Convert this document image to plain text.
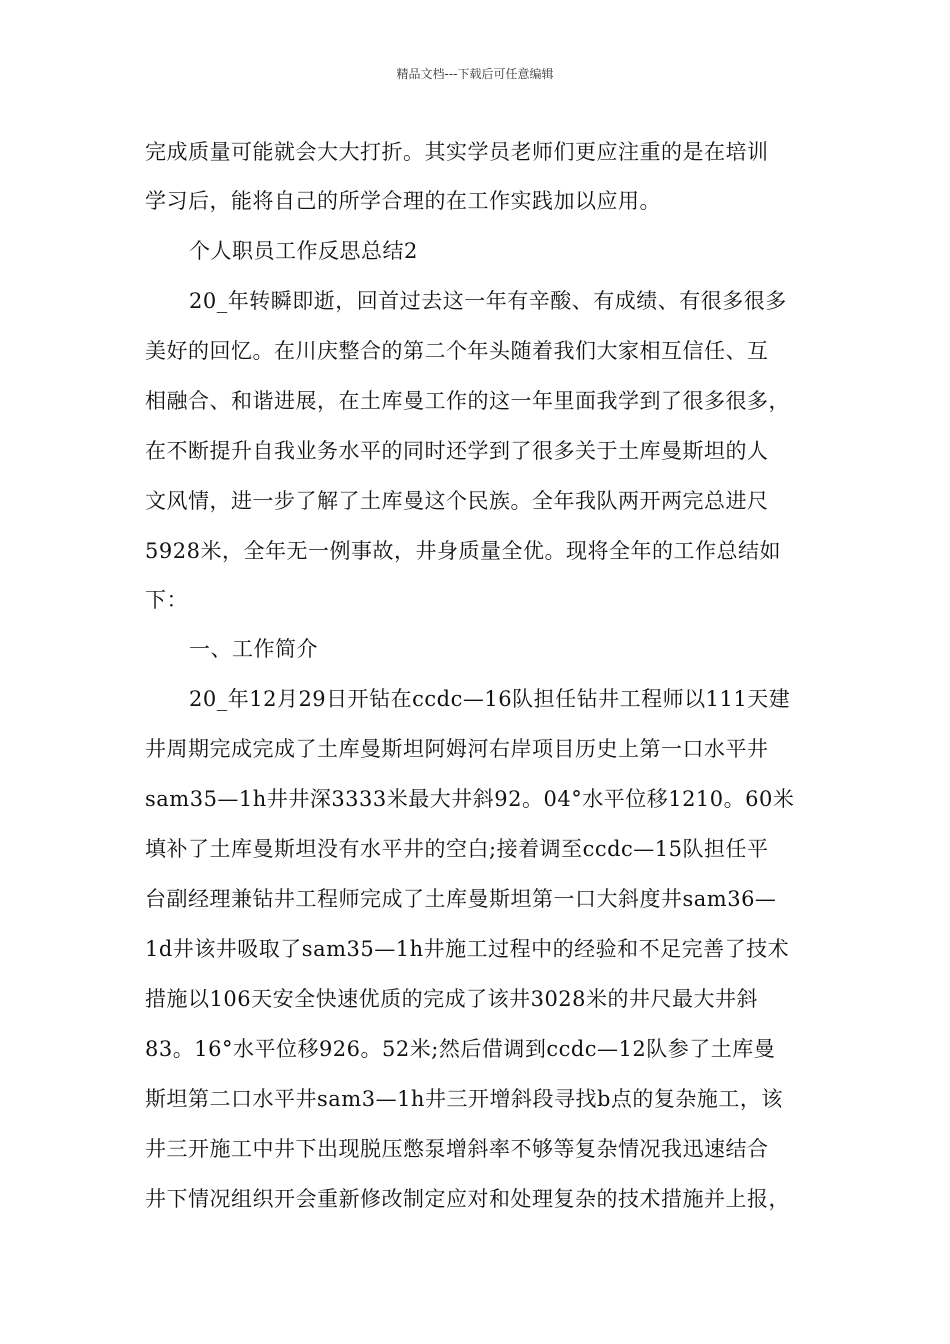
精品文档---下载后可任意编辑
完成质量可能就会大大打折。其实学员老师们更应注重的是在培训
学习后，能将自己的所学合理的在工作实践加以应用。
个人职员工作反思总结2
20_年转瞬即逝，回首过去这一年有辛酸、有成绩、有很多很多
美好的回忆。在川庆整合的第二个年头随着我们大家相互信任、互
相融合、和谐进展，在土库曼工作的这一年里面我学到了很多很多，
在不断提升自我业务水平的同时还学到了很多关于土库曼斯坦的人
文风情，进一步了解了土库曼这个民族。全年我队两开两完总进尺
5928米，全年无一例事故，井身质量全优。现将全年的工作总结如
下：
一、工作简介
20_年12月29日开钻在ccdc—16队担任钻井工程师以111天建
井周期完成完成了土库曼斯坦阿姆河右岸项目历史上第一口水平井
sam35—1h井井深3333米最大井斜92。04°水平位移1210。60米
填补了土库曼斯坦没有水平井的空白;接着调至ccdc—15队担任平
台副经理兼钻井工程师完成了土库曼斯坦第一口大斜度井sam36—
1d井该井吸取了sam35—1h井施工过程中的经验和不足完善了技术
措施以106天安全快速优质的完成了该井3028米的井尺最大井斜
83。16°水平位移926。52米;然后借调到ccdc—12队参了土库曼
斯坦第二口水平井sam3—1h井三开增斜段寻找b点的复杂施工，该
井三开施工中井下出现脱压憋泵增斜率不够等复杂情况我迅速结合
井下情况组织开会重新修改制定应对和处理复杂的技术措施并上报，
